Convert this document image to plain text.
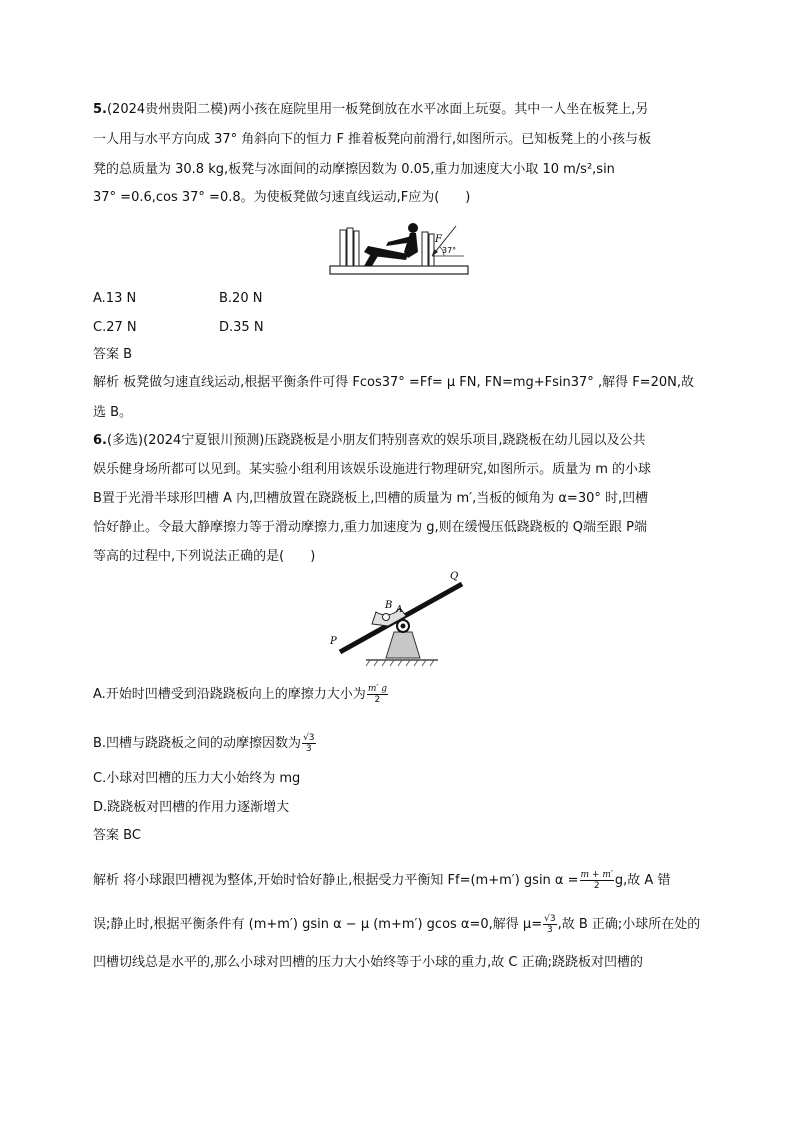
5.(2024贵州贵阳二模)两小孩在庭院里用一板凳倒放在水平冰面上玩耍。其中一人坐在板凳上,另
一人用与水平方向成 37° 角斜向下的恒力 F 推着板凳向前滑行,如图所示。已知板凳上的小孩与板
凳的总质量为 30.8 kg,板凳与冰面间的动摩擦因数为 0.05,重力加速度大小取 10 m/s²,sin
37° =0.6,cos 37° =0.8。为使板凳做匀速直线运动,F应为(　　)
F
37°
A.13 N	B.20 N
C.27 N	D.35 N
答案 B
解析 板凳做匀速直线运动,根据平衡条件可得 Fcos37° =Ff= μ FN, FN=mg+Fsin37° ,解得 F=20N,故
选 B。
6.(多选)(2024宁夏银川预测)压跷跷板是小朋友们特别喜欢的娱乐项目,跷跷板在幼儿园以及公共
娱乐健身场所都可以见到。某实验小组利用该娱乐设施进行物理研究,如图所示。质量为 m 的小球
B置于光滑半球形凹槽 A 内,凹槽放置在跷跷板上,凹槽的质量为 m′,当板的倾角为 α=30° 时,凹槽
恰好静止。令最大静摩擦力等于滑动摩擦力,重力加速度为 g,则在缓慢压低跷跷板的 Q端至跟 P端
等高的过程中,下列说法正确的是(　　)
B A
Q
P
A.开始时凹槽受到沿跷跷板向上的摩擦力大小为 $\frac{m' g}{2}$
B.凹槽与跷跷板之间的动摩擦因数为 $\frac{√3}{3}$
C.小球对凹槽的压力大小始终为 mg
D.跷跷板对凹槽的作用力逐渐增大
答案 BC
解析 将小球跟凹槽视为整体,开始时恰好静止,根据受力平衡知 Ff=(m+m′) gsin $\alpha = \frac{m + m'}{2} g$,故 A 错
误;静止时,根据平衡条件有 (m+m′) gsin α − μ (m+m′) gcos α=0,解得 $\mu= \frac{√3}{3}$ ,故 B 正确;小球所在处的
凹槽切线总是水平的,那么小球对凹槽的压力大小始终等于小球的重力,故 C 正确;跷跷板对凹槽的
